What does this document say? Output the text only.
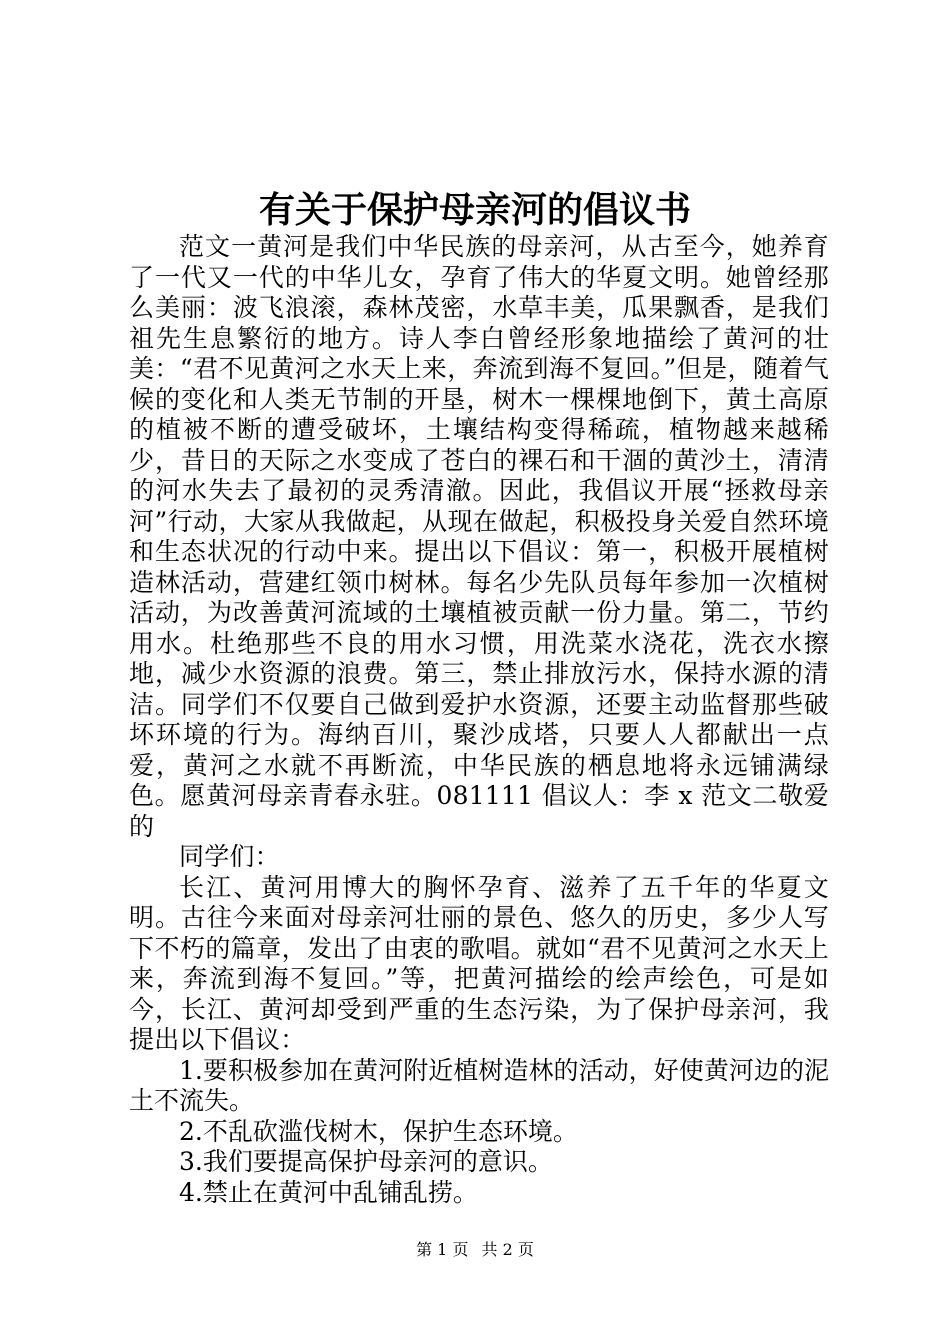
有关于保护母亲河的倡议书

范文一黄河是我们中华民族的母亲河，从古至今，她养育了一代又一代的中华儿女，孕育了伟大的华夏文明。她曾经那么美丽：波飞浪滚，森林茂密，水草丰美，瓜果飘香，是我们祖先生息繁衍的地方。诗人李白曾经形象地描绘了黄河的壮美：“君不见黄河之水天上来，奔流到海不复回。”但是，随着气候的变化和人类无节制的开垦，树木一棵棵地倒下，黄土高原的植被不断的遭受破坏，土壤结构变得稀疏，植物越来越稀少，昔日的天际之水变成了苍白的裸石和干涸的黄沙土，清清的河水失去了最初的灵秀清澈。因此，我倡议开展“拯救母亲河”行动，大家从我做起，从现在做起，积极投身关爱自然环境和生态状况的行动中来。提出以下倡议：第一，积极开展植树造林活动，营建红领巾树林。每名少先队员每年参加一次植树活动，为改善黄河流域的土壤植被贡献一份力量。第二，节约用水。杜绝那些不良的用水习惯，用洗菜水浇花，洗衣水擦地，减少水资源的浪费。第三，禁止排放污水，保持水源的清洁。同学们不仅要自己做到爱护水资源，还要主动监督那些破坏环境的行为。海纳百川，聚沙成塔，只要人人都献出一点爱，黄河之水就不再断流，中华民族的栖息地将永远铺满绿色。愿黄河母亲青春永驻。081111 倡议人：李 x 范文二敬爱的

同学们：

长江、黄河用博大的胸怀孕育、滋养了五千年的华夏文明。古往今来面对母亲河壮丽的景色、悠久的历史，多少人写下不朽的篇章，发出了由衷的歌唱。就如“君不见黄河之水天上来，奔流到海不复回。”等，把黄河描绘的绘声绘色，可是如今，长江、黄河却受到严重的生态污染，为了保护母亲河，我提出以下倡议：

1.要积极参加在黄河附近植树造林的活动，好使黄河边的泥土不流失。

2.不乱砍滥伐树木，保护生态环境。

3.我们要提高保护母亲河的意识。

4.禁止在黄河中乱铺乱捞。

第 1 页 共 2 页
